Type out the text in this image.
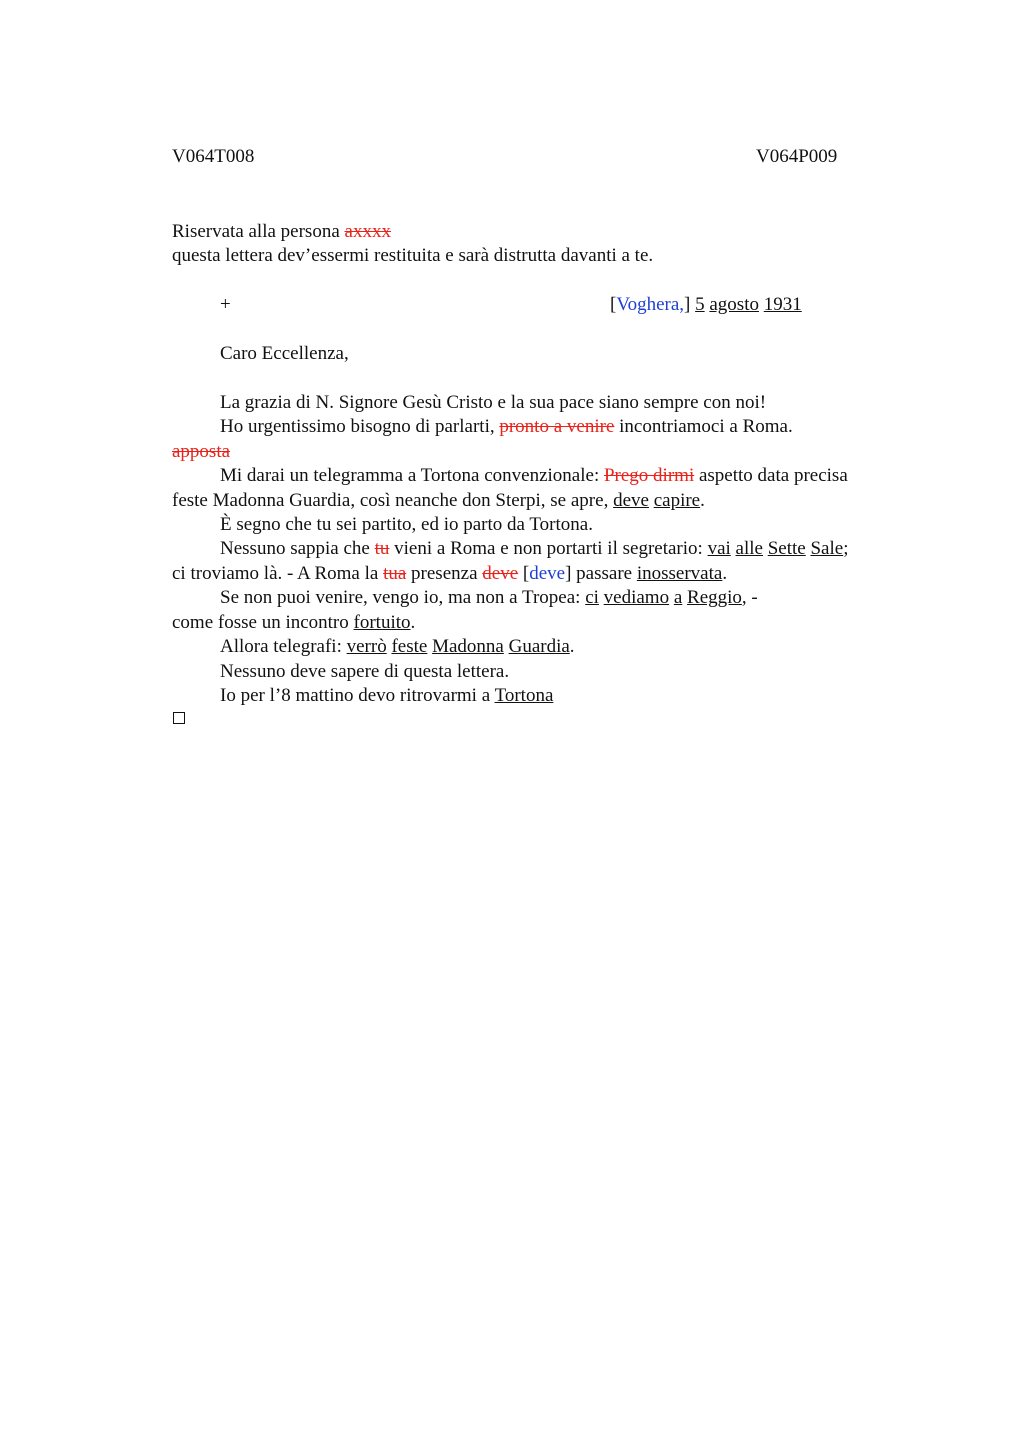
V064T008	V064P009
Riservata alla persona axxxx
questa lettera dev’essermi restituita e sarà distrutta davanti a te.
+	[Voghera,] 5 agosto 1931
Caro Eccellenza,
La grazia di N. Signore Gesù Cristo e la sua pace siano sempre con noi!
Ho urgentissimo bisogno di parlarti, pronto a venire incontriamoci a Roma.
apposta
Mi darai un telegramma a Tortona convenzionale: Prego dirmi aspetto data precisa
feste Madonna Guardia, così neanche don Sterpi, se apre, deve capire.
È segno che tu sei partito, ed io parto da Tortona.
Nessuno sappia che tu vieni a Roma e non portarti il segretario: vai alle Sette Sale;
ci troviamo là. - A Roma la tua presenza deve [deve] passare inosservata.
Se non puoi venire, vengo io, ma non a Tropea: ci vediamo a Reggio, -
come fosse un incontro fortuito.
Allora telegrafi: verrò feste Madonna Guardia.
Nessuno deve sapere di questa lettera.
Io per l’8 mattino devo ritrovarmi a Tortona
